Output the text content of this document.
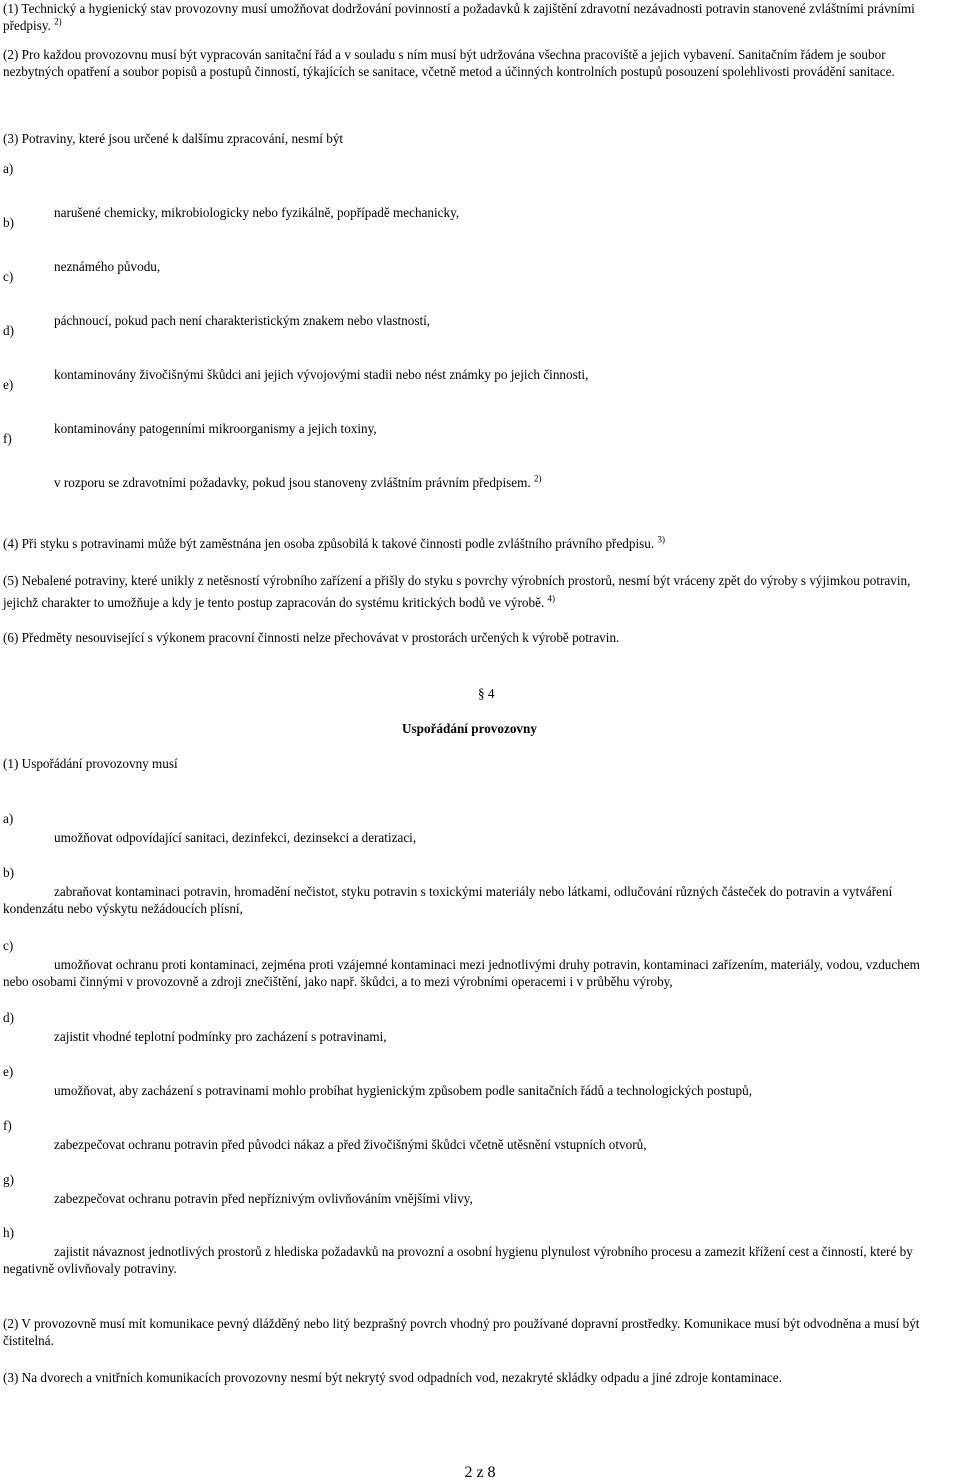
(1) Technický a hygienický stav provozovny musí umožňovat dodržování povinností a požadavků k zajištění zdravotní nezávadnosti potravin stanovené zvláštními právními předpisy. $^{2)}$

(2) Pro každou provozovnu musí být vypracován sanitační řád a v souladu s ním musí být udržována všechna pracoviště a jejich vybavení. Sanitačním řádem je soubor nezbytných opatření a soubor popisů a postupů činností, týkajících se sanitace, včetně metod a účinných kontrolních postupů posouzení spolehlivosti provádění sanitace.

(3) Potraviny, které jsou určené k dalšímu zpracování, nesmí být

a)

narušené chemicky, mikrobiologicky nebo fyzikálně, popřípadě mechanicky,

b)

neznámého původu,

c)

páchnoucí, pokud pach není charakteristickým znakem nebo vlastností,

d)

kontaminovány živočišnými škůdci ani jejich vývojovými stadii nebo nést známky po jejich činnosti,

e)

kontaminovány patogenními mikroorganismy a jejich toxiny,

f)

v rozporu se zdravotními požadavky, pokud jsou stanoveny zvláštním právním předpisem. $^{2)}$

(4) Při styku s potravinami může být zaměstnána jen osoba způsobilá k takové činnosti podle zvláštního právního předpisu. $^{3)}$

(5) Nebalené potraviny, které unikly z netěsností výrobního zařízení a přišly do styku s povrchy výrobních prostorů, nesmí být vráceny zpět do výroby s výjimkou potravin, jejichž charakter to umožňuje a kdy je tento postup zapracován do systému kritických bodů ve výrobě. $^{4)}$

(6) Předměty nesouvisející s výkonem pracovní činnosti nelze přechovávat v prostorách určených k výrobě potravin.

§ 4

Uspořádání provozovny

(1) Uspořádání provozovny musí

a)

umožňovat odpovídající sanitaci, dezinfekci, dezinsekci a deratizaci,

b)

zabraňovat kontaminaci potravin, hromadění nečistot, styku potravin s toxickými materiály nebo látkami, odlučování různých částeček do potravin a vytváření kondenzátu nebo výskytu nežádoucích plísní,

c)

umožňovat ochranu proti kontaminaci, zejména proti vzájemné kontaminaci mezi jednotlivými druhy potravin, kontaminaci zařízením, materiály, vodou, vzduchem nebo osobami činnými v provozovně a zdroji znečištění, jako např. škůdci, a to mezi výrobními operacemi i v průběhu výroby,

d)

zajistit vhodné teplotní podmínky pro zacházení s potravinami,

e)

umožňovat, aby zacházení s potravinami mohlo probíhat hygienickým způsobem podle sanitačních řádů a technologických postupů,

f)

zabezpečovat ochranu potravin před původci nákaz a před živočišnými škůdci včetně utěsnění vstupních otvorů,

g)

zabezpečovat ochranu potravin před nepříznivým ovlivňováním vnějšími vlivy,

h)

zajistit návaznost jednotlivých prostorů z hlediska požadavků na provozní a osobní hygienu plynulost výrobního procesu a zamezit křížení cest a činností, které by negativně ovlivňovaly potraviny.

(2) V provozovně musí mít komunikace pevný dlážděný nebo litý bezprašný povrch vhodný pro používané dopravní prostředky. Komunikace musí být odvodněna a musí být čistitelná.

(3) Na dvorech a vnitřních komunikacích provozovny nesmí být nekrytý svod odpadních vod, nezakryté skládky odpadu a jiné zdroje kontaminace.

2 z 8
